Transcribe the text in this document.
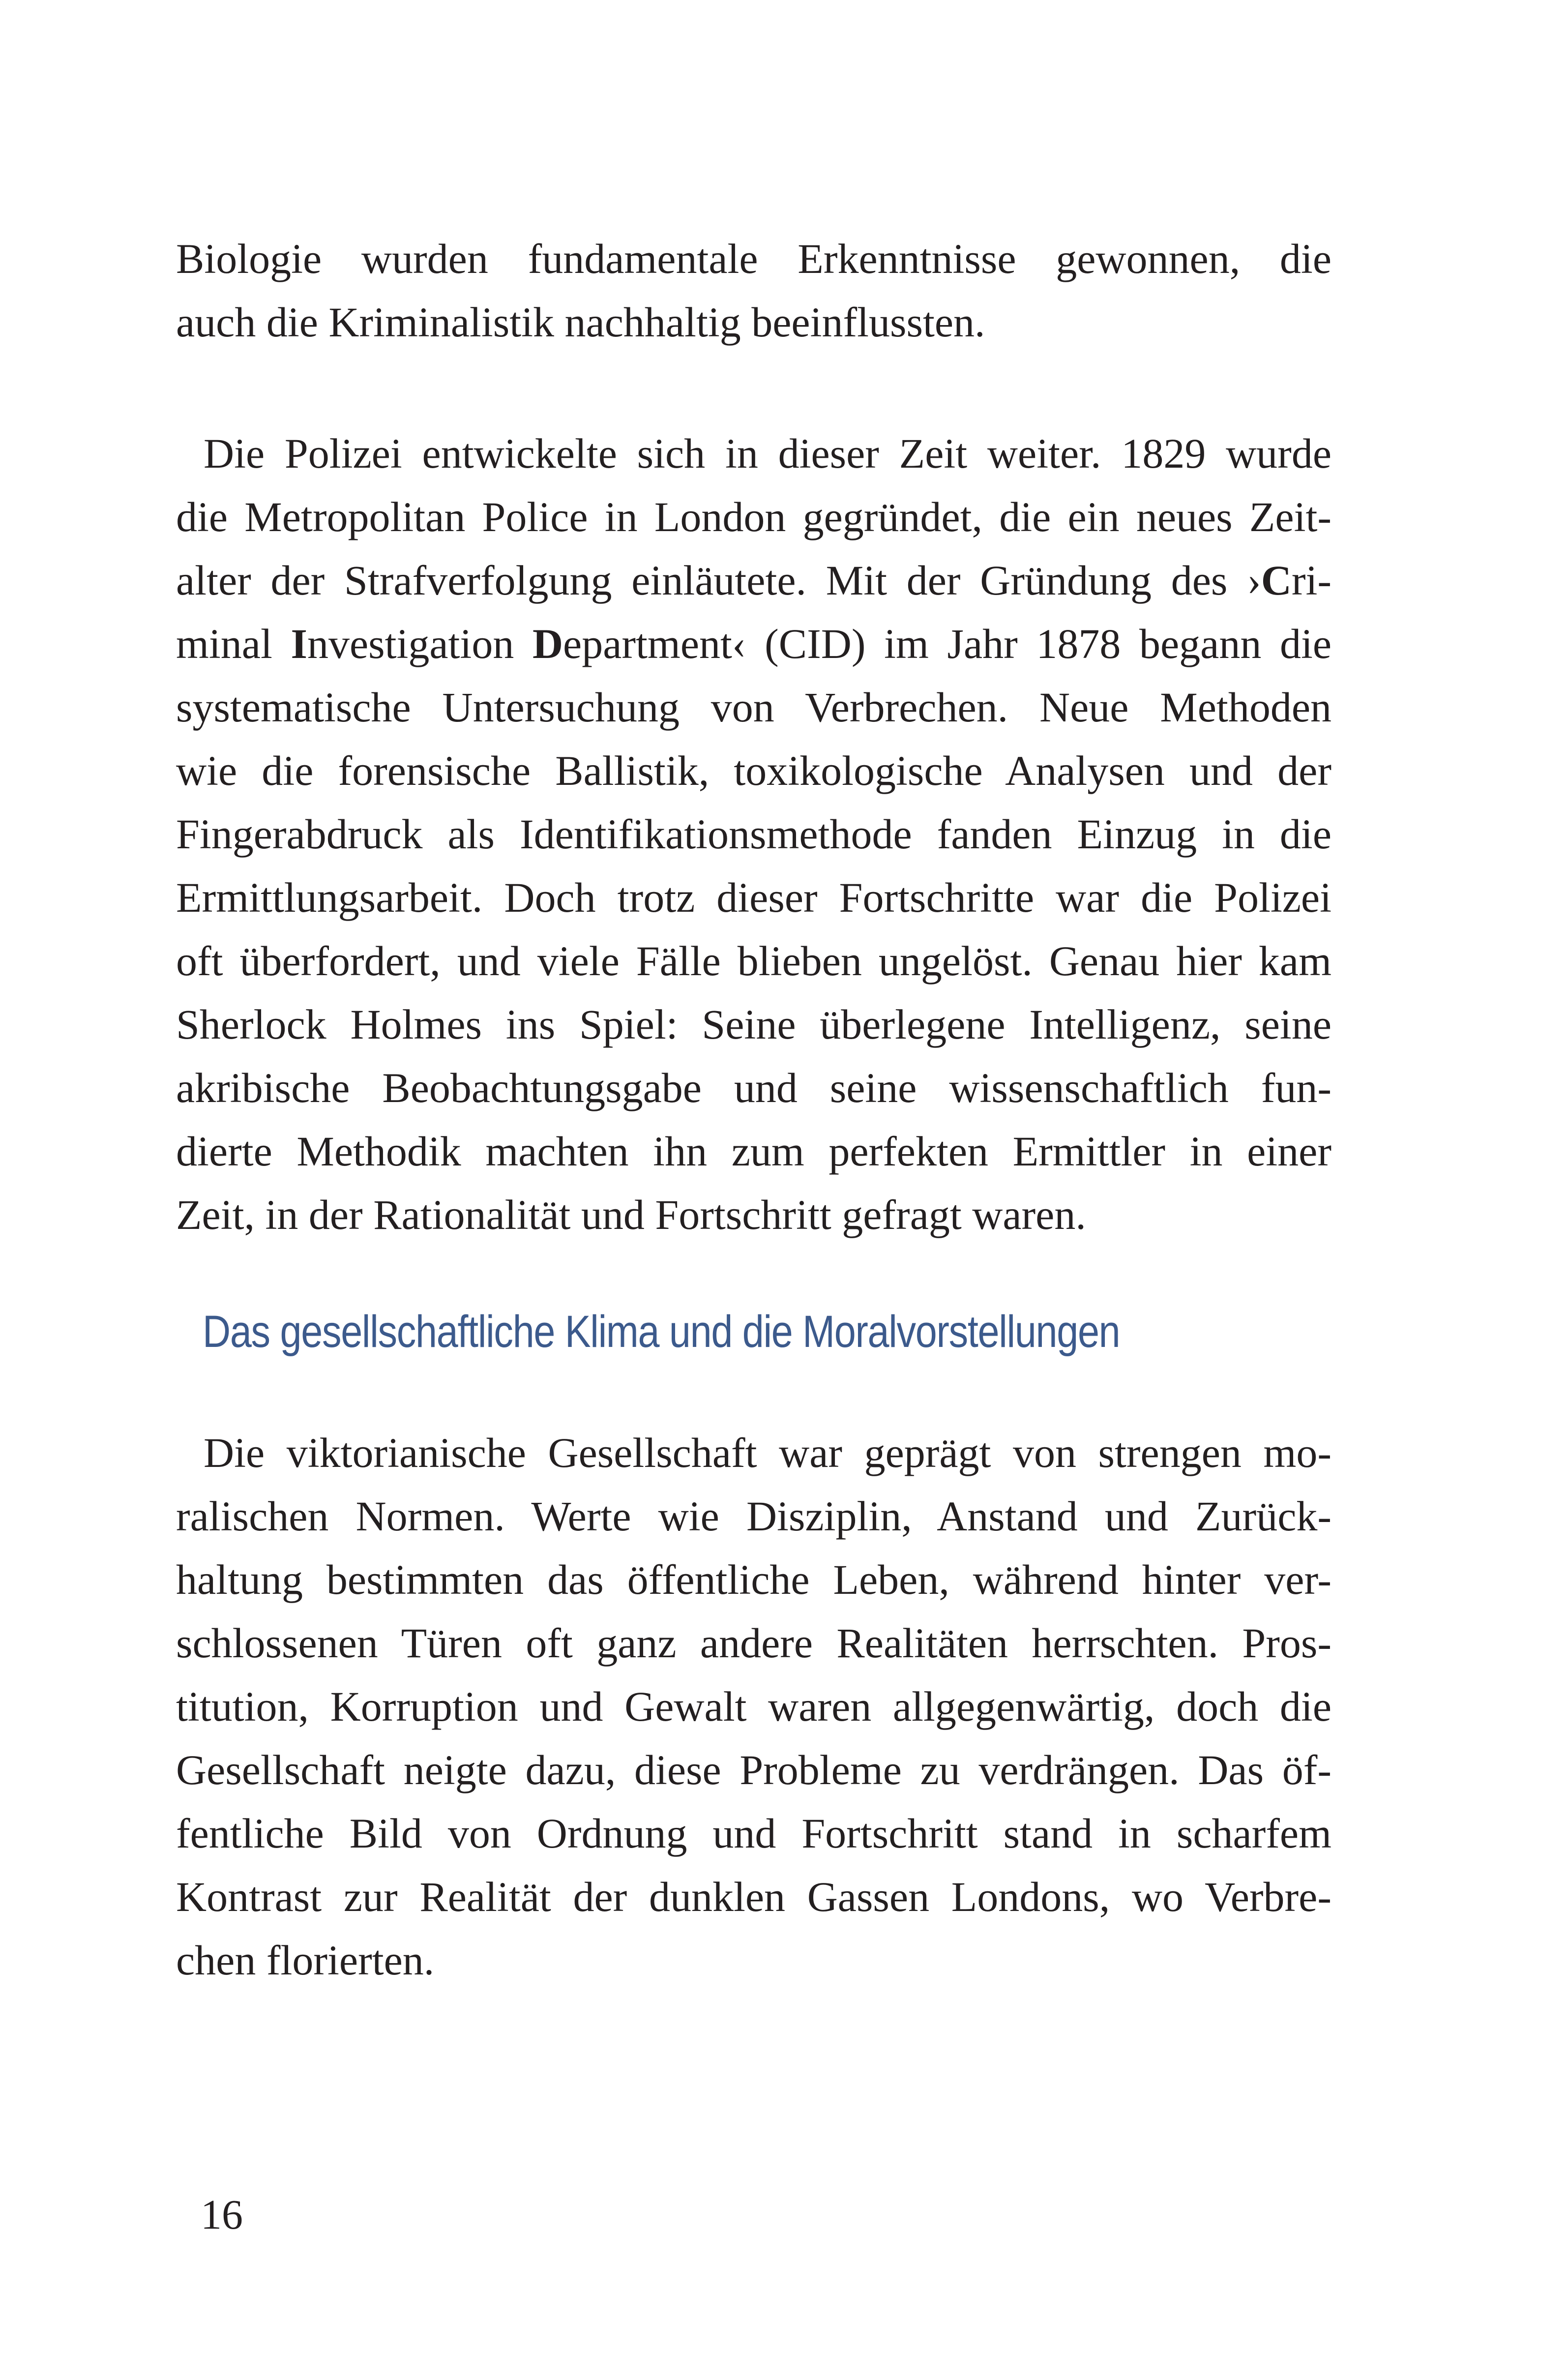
Biologie wurden fundamentale Erkenntnisse gewonnen, die
auch die Kriminalistik nachhaltig beeinflussten.
Die Polizei entwickelte sich in dieser Zeit weiter. 1829 wurde
die Metropolitan Police in London gegründet, die ein neues Zeit-
alter der Strafverfolgung einläutete. Mit der Gründung des ›Cri-
minal Investigation Department‹ (CID) im Jahr 1878 begann die
systematische Untersuchung von Verbrechen. Neue Methoden
wie die forensische Ballistik, toxikologische Analysen und der
Fingerabdruck als Identifikationsmethode fanden Einzug in die
Ermittlungsarbeit. Doch trotz dieser Fortschritte war die Polizei
oft überfordert, und viele Fälle blieben ungelöst. Genau hier kam
Sherlock Holmes ins Spiel: Seine überlegene Intelligenz, seine
akribische Beobachtungsgabe und seine wissenschaftlich fun-
dierte Methodik machten ihn zum perfekten Ermittler in einer
Zeit, in der Rationalität und Fortschritt gefragt waren.
Das gesellschaftliche Klima und die Moralvorstellungen
Die viktorianische Gesellschaft war geprägt von strengen mo-
ralischen Normen. Werte wie Disziplin, Anstand und Zurück-
haltung bestimmten das öffentliche Leben, während hinter ver-
schlossenen Türen oft ganz andere Realitäten herrschten. Pros-
titution, Korruption und Gewalt waren allgegenwärtig, doch die
Gesellschaft neigte dazu, diese Probleme zu verdrängen. Das öf-
fentliche Bild von Ordnung und Fortschritt stand in scharfem
Kontrast zur Realität der dunklen Gassen Londons, wo Verbre-
chen florierten.
16
